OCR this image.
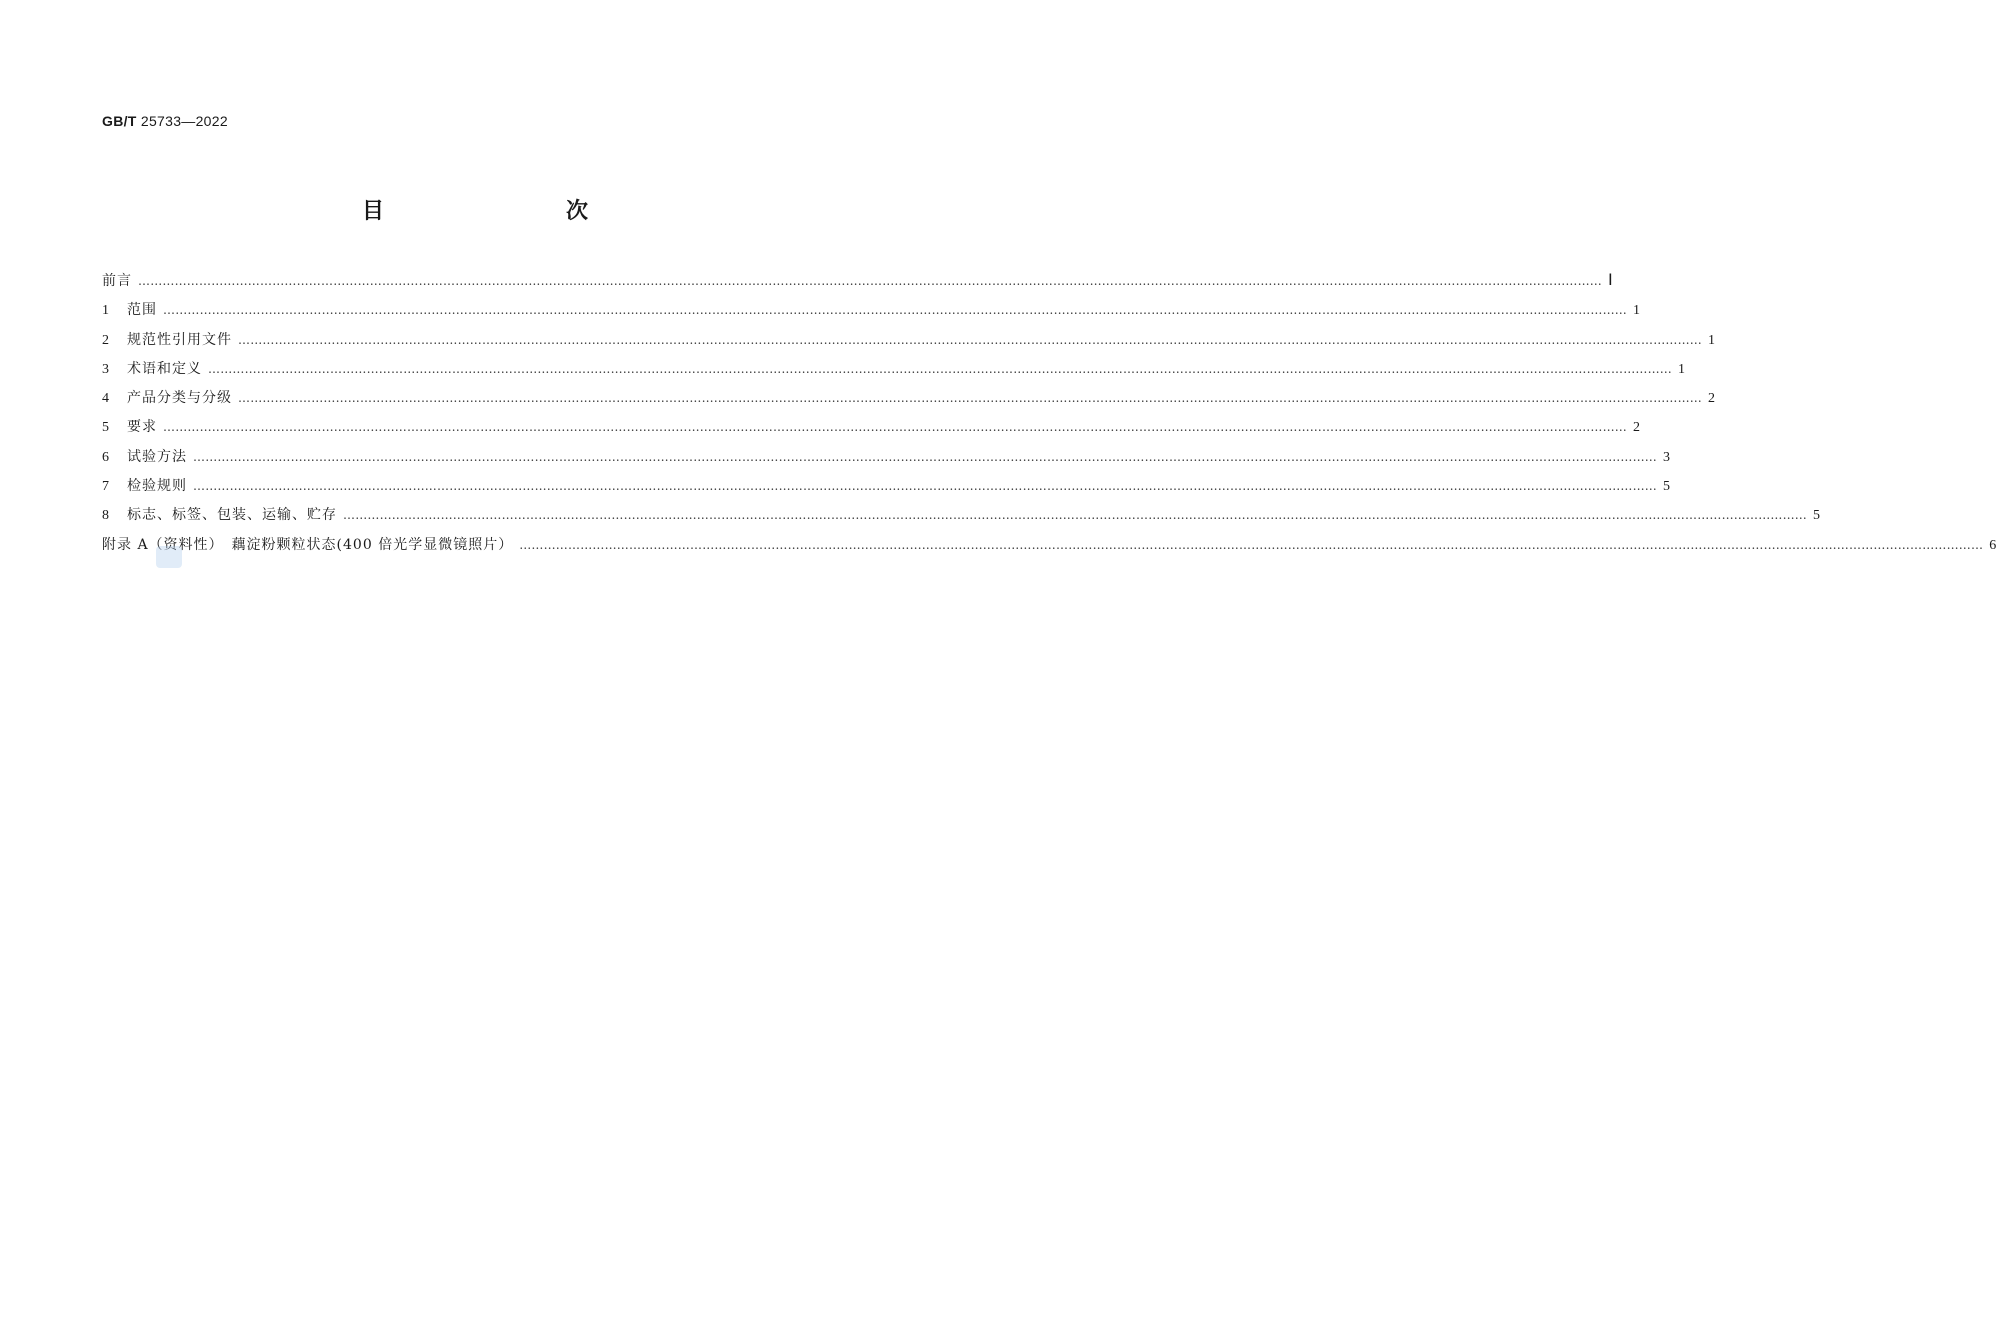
GB/T 25733—2022
目　　次
前言 ……………………………………………………………………………………………………………………………………………………………………………………………………………………………………………………………………………………………………………………………… Ⅰ
1	范围 ……………………………………………………………………………………………………………………………………………………………………………………………………………………………………………………………………………………………………………………………… 1
2	规范性引用文件 ……………………………………………………………………………………………………………………………………………………………………………………………………………………………………………………………………………………………………………………………… 1
3	术语和定义 ……………………………………………………………………………………………………………………………………………………………………………………………………………………………………………………………………………………………………………………………… 1
4	产品分类与分级 ……………………………………………………………………………………………………………………………………………………………………………………………………………………………………………………………………………………………………………………………… 2
5	要求 ……………………………………………………………………………………………………………………………………………………………………………………………………………………………………………………………………………………………………………………………… 2
6	试验方法 ……………………………………………………………………………………………………………………………………………………………………………………………………………………………………………………………………………………………………………………………… 3
7	检验规则 ……………………………………………………………………………………………………………………………………………………………………………………………………………………………………………………………………………………………………………………………… 5
8	标志、标签、包装、运输、贮存 ……………………………………………………………………………………………………………………………………………………………………………………………………………………………………………………………………………………………………………………………… 5
附录 A（资料性）　藕淀粉颗粒状态(400 倍光学显微镜照片） ……………………………………………………………………………………………………………………………………………………………………………………………………………………………………………………………………………………………………………………………… 6
